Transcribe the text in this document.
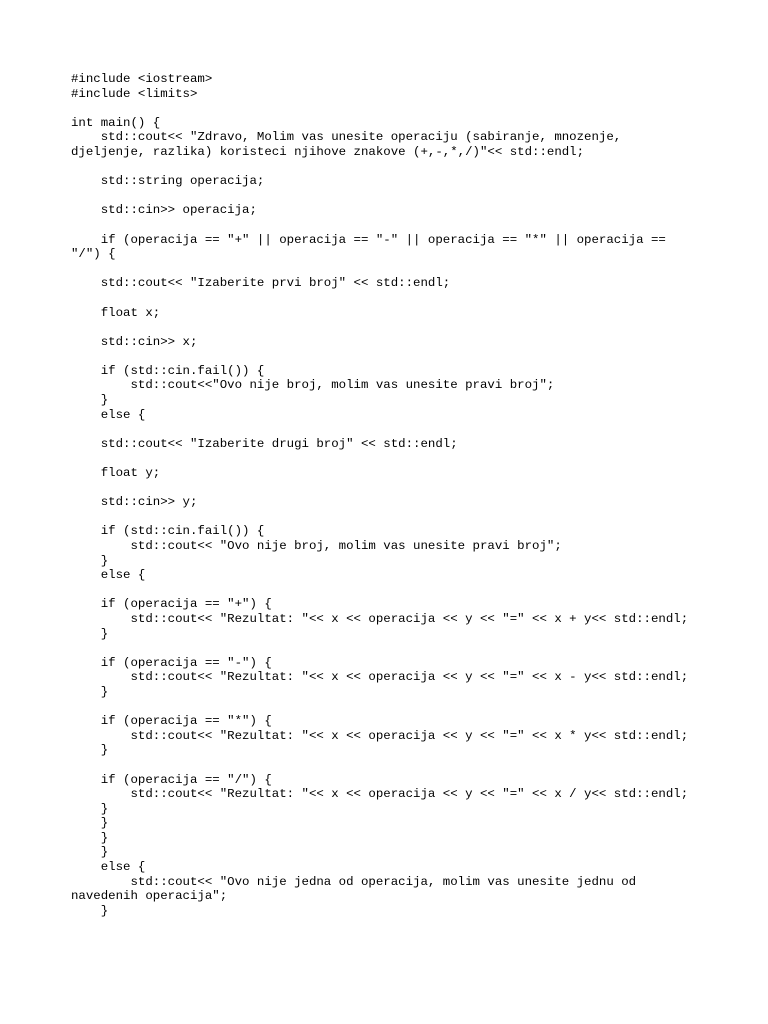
#include <iostream>
#include <limits>
int main() {
std::cout<< "Zdravo, Molim vas unesite operaciju (sabiranje, mnozenje,
djeljenje, razlika) koristeci njihove znakove (+,-,*,/)"<< std::endl;
std::string operacija;
std::cin>> operacija;
if (operacija == "+" || operacija == "-" || operacija == "*" || operacija ==
"/") {
std::cout<< "Izaberite prvi broj" << std::endl;
float x;
std::cin>> x;
if (std::cin.fail()) {
std::cout<<"Ovo nije broj, molim vas unesite pravi broj";
}
else {
std::cout<< "Izaberite drugi broj" << std::endl;
float y;
std::cin>> y;
if (std::cin.fail()) {
std::cout<< "Ovo nije broj, molim vas unesite pravi broj";
}
else {
if (operacija == "+") {
std::cout<< "Rezultat: "<< x << operacija << y << "=" << x + y<< std::endl;
}
if (operacija == "-") {
std::cout<< "Rezultat: "<< x << operacija << y << "=" << x - y<< std::endl;
}
if (operacija == "*") {
std::cout<< "Rezultat: "<< x << operacija << y << "=" << x * y<< std::endl;
}
if (operacija == "/") {
std::cout<< "Rezultat: "<< x << operacija << y << "=" << x / y<< std::endl;
}
}
}
}
else {
std::cout<< "Ovo nije jedna od operacija, molim vas unesite jednu od
navedenih operacija";
}
